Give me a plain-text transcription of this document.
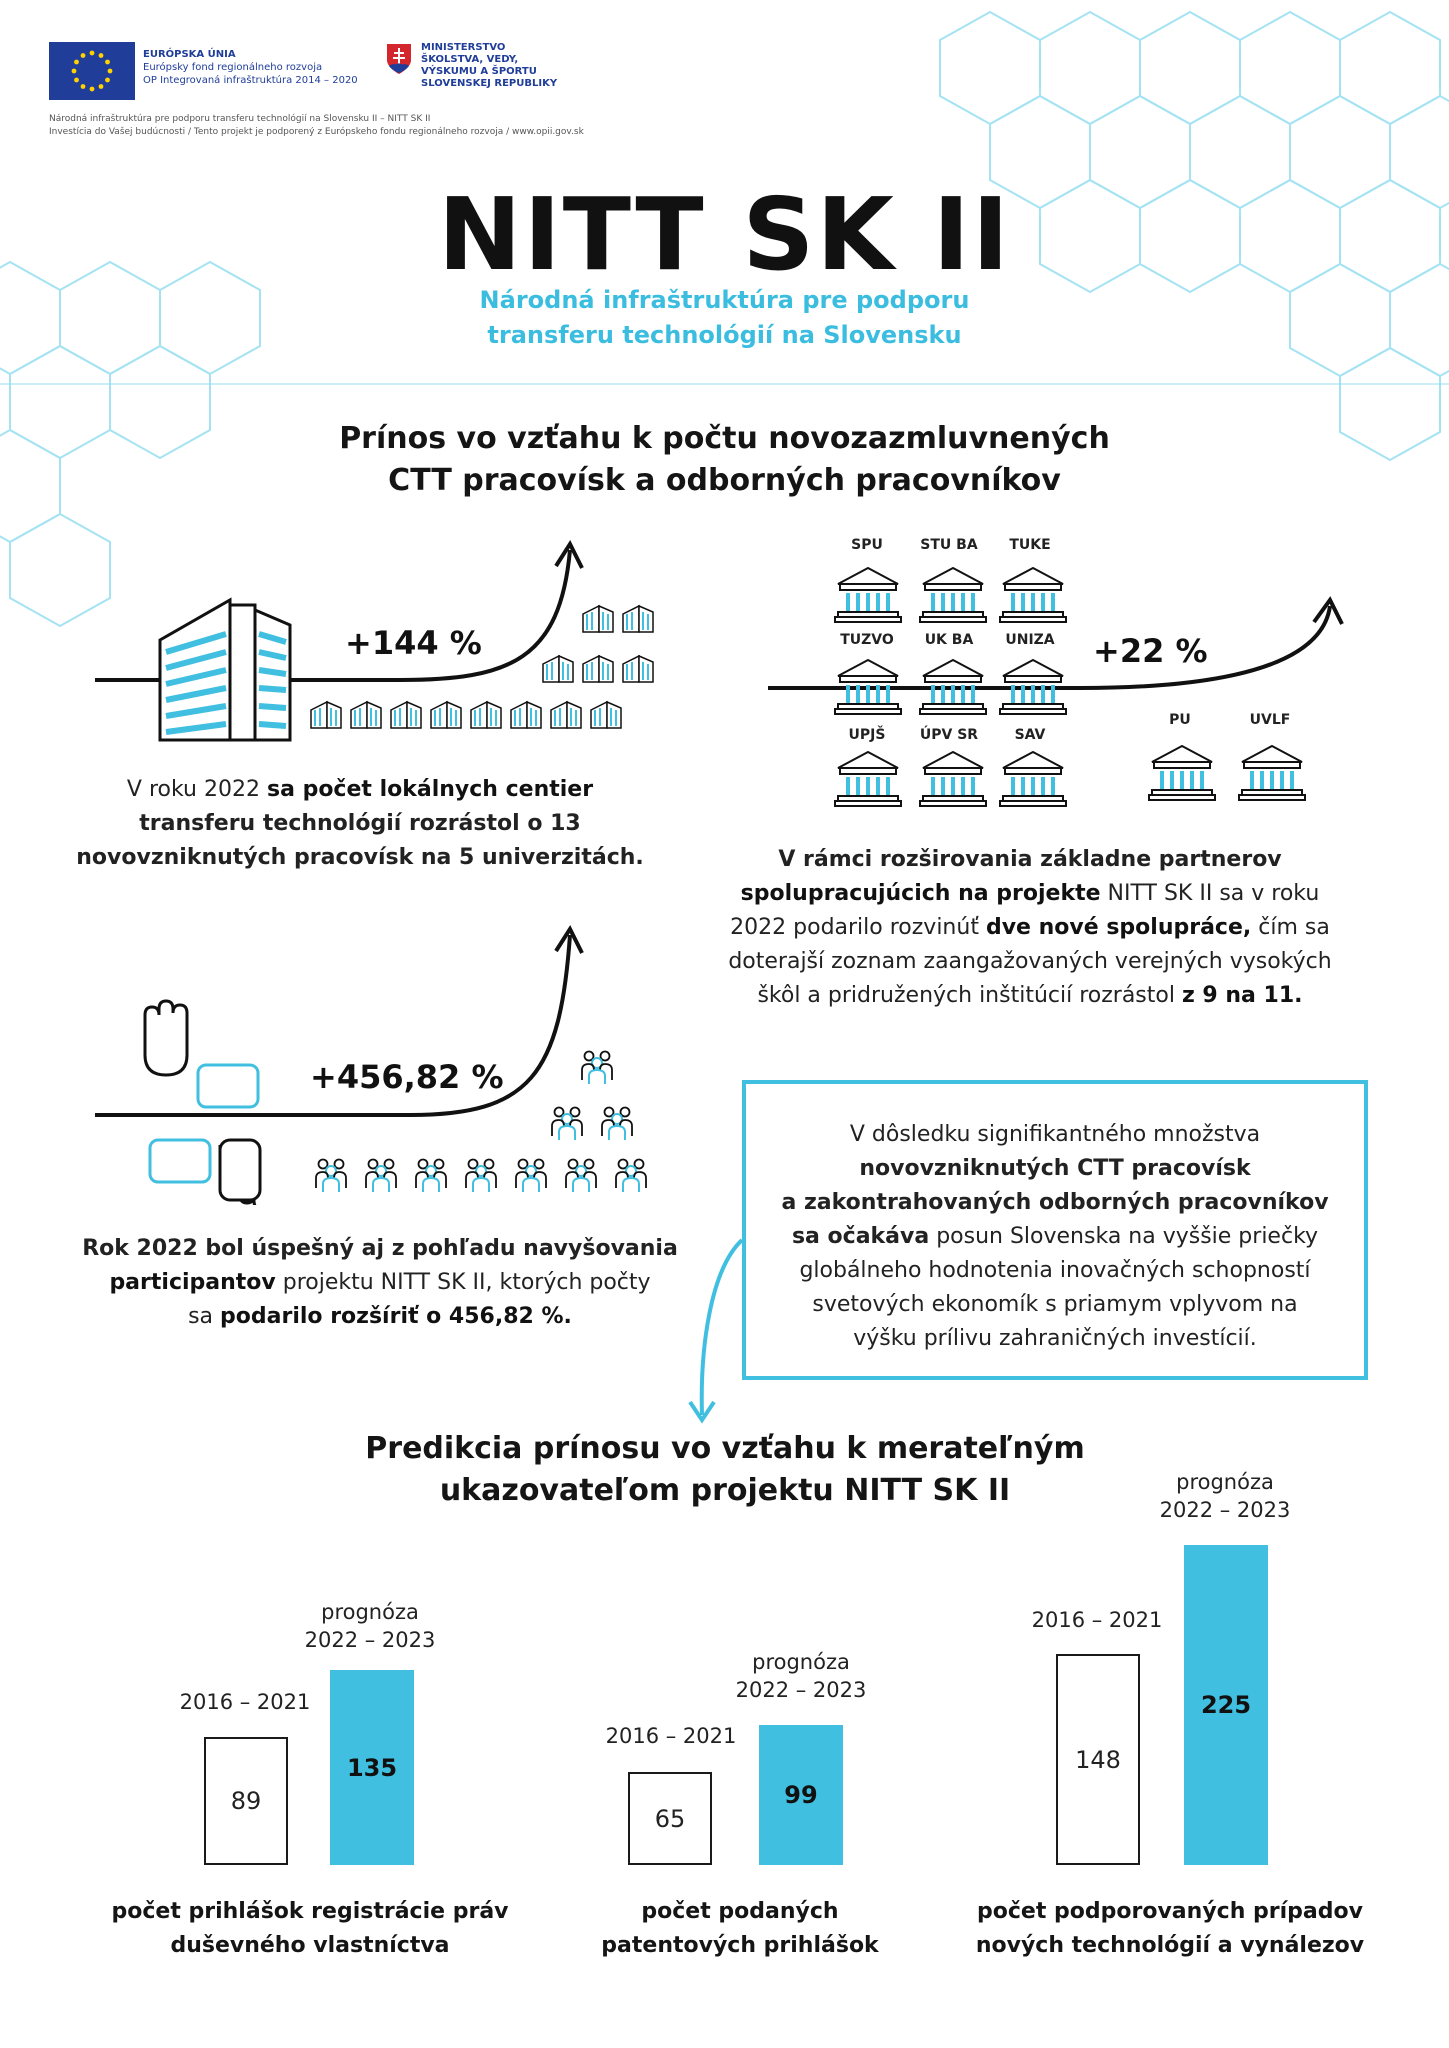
EURÓPSKA ÚNIA
Európsky fond regionálneho rozvoja
OP Integrovaná infraštruktúra 2014 – 2020
MINISTERSTVO
ŠKOLSTVA, VEDY,
VÝSKUMU A ŠPORTU
SLOVENSKEJ REPUBLIKY
Národná infraštruktúra pre podporu transferu technológií na Slovensku II – NITT SK II
Investícia do Vašej budúcnosti / Tento projekt je podporený z Európskeho fondu regionálneho rozvoja / www.opii.gov.sk
NITT SK II
Národná infraštruktúra pre podporu
transferu technológií na Slovensku
Prínos vo vzťahu k počtu novozazmluvnených
CTT pracovísk a odborných pracovníkov
+144 %
V roku 2022 sa počet lokálnych centier
transferu technológií rozrástol o 13
novovzniknutých pracovísk na 5 univerzitách.
SPU	STU BA	TUKE
TUZVO	UK BA	UNIZA
UPJŠ	ÚPV SR	SAV
PU	UVLF
+22 %
V rámci rozširovania základne partnerov
spolupracujúcich na projekte NITT SK II sa v roku
2022 podarilo rozvinúť dve nové spolupráce, čím sa
doterajší zoznam zaangažovaných verejných vysokých
škôl a pridružených inštitúcií rozrástol z 9 na 11.
+456,82 %
Rok 2022 bol úspešný aj z pohľadu navyšovania
participantov projektu NITT SK II, ktorých počty
sa podarilo rozšíriť o 456,82 %.
V dôsledku signifikantného množstva
novovzniknutých CTT pracovísk
a zakontrahovaných odborných pracovníkov
sa očakáva posun Slovenska na vyššie priečky
globálneho hodnotenia inovačných schopností
svetových ekonomík s priamym vplyvom na
výšku prílivu zahraničných investícií.
Predikcia prínosu vo vzťahu k merateľným
ukazovateľom projektu NITT SK II
2016 – 2021
prognóza
2022 – 2023
89
135
počet prihlášok registrácie práv
duševného vlastníctva
2016 – 2021
prognóza
2022 – 2023
65
99
počet podaných
patentových prihlášok
2016 – 2021
prognóza
2022 – 2023
148
225
počet podporovaných prípadov
nových technológií a vynálezov
